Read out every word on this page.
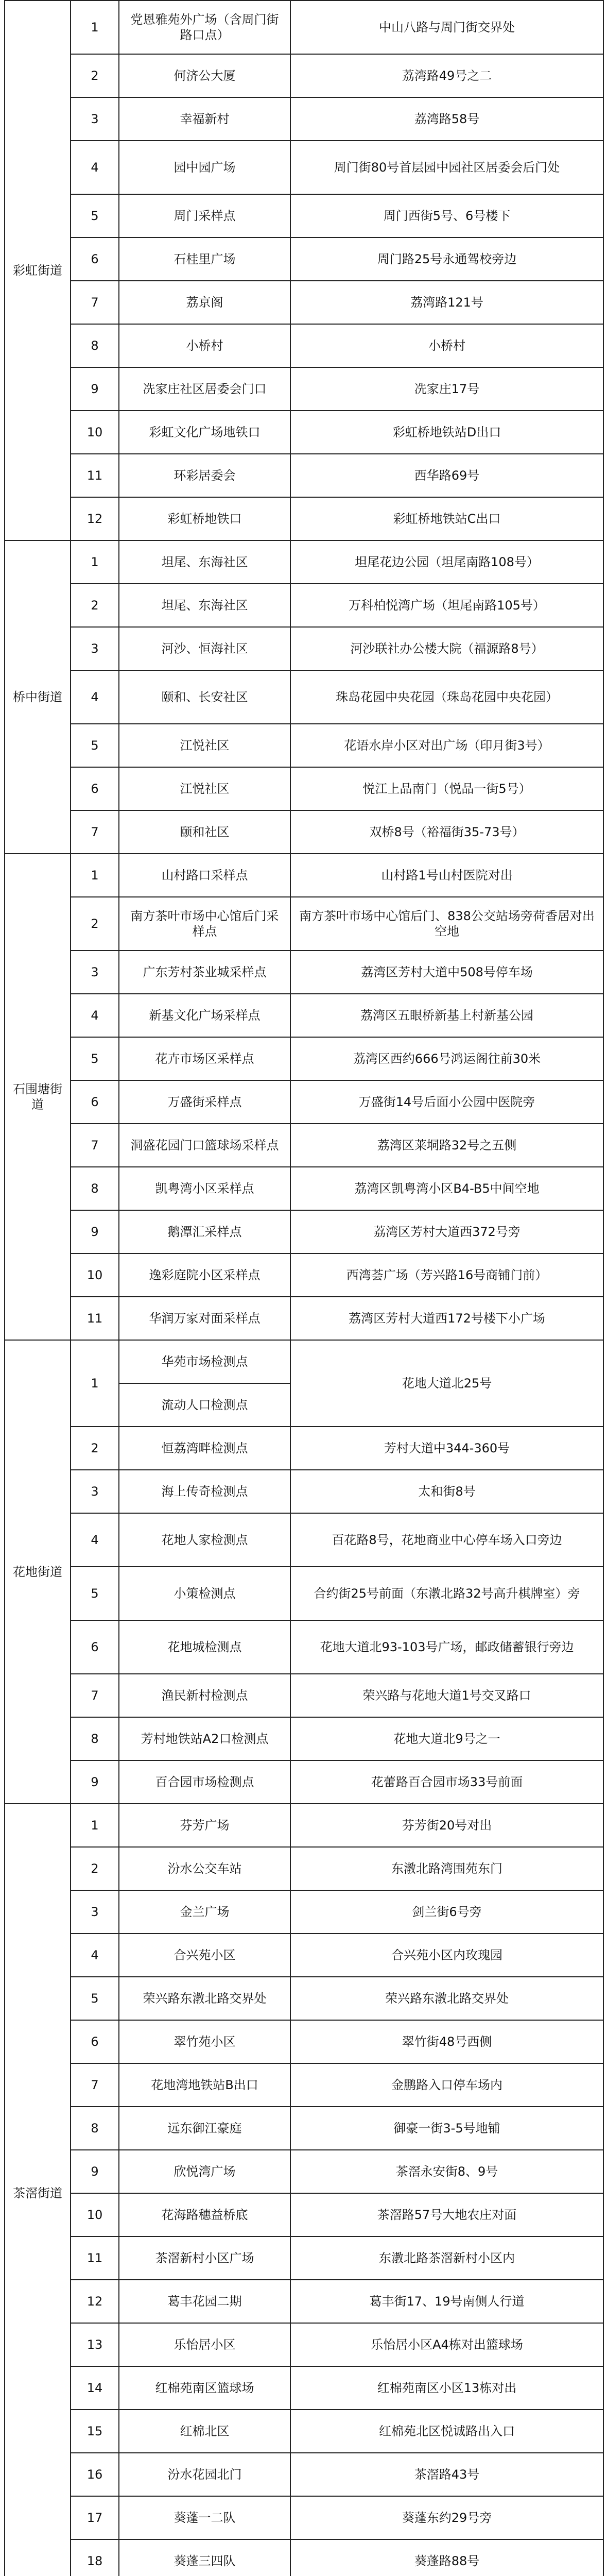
彩虹街道	1	党恩雅苑外广场（含周门街路口点）	中山八路与周门街交界处
	2	何济公大厦	荔湾路49号之二
	3	幸福新村	荔湾路58号
	4	园中园广场	周门街80号首层园中园社区居委会后门处
	5	周门采样点	周门西街5号、6号楼下
	6	石桂里广场	周门路25号永通驾校旁边
	7	荔京阁	荔湾路121号
	8	小桥村	小桥村
	9	冼家庄社区居委会门口	冼家庄17号
	10	彩虹文化广场地铁口	彩虹桥地铁站D出口
	11	环彩居委会	西华路69号
	12	彩虹桥地铁口	彩虹桥地铁站C出口
桥中街道	1	坦尾、东海社区	坦尾花边公园（坦尾南路108号）
	2	坦尾、东海社区	万科柏悦湾广场（坦尾南路105号）
	3	河沙、恒海社区	河沙联社办公楼大院（福源路8号）
	4	颐和、长安社区	珠岛花园中央花园（珠岛花园中央花园）
	5	江悦社区	花语水岸小区对出广场（印月街3号）
	6	江悦社区	悦江上品南门（悦品一街5号）
	7	颐和社区	双桥8号（裕福街35-73号）
石围塘街道	1	山村路口采样点	山村路1号山村医院对出
	2	南方茶叶市场中心馆后门采样点	南方茶叶市场中心馆后门、838公交站场旁荷香居对出空地
	3	广东芳村茶业城采样点	荔湾区芳村大道中508号停车场
	4	新基文化广场采样点	荔湾区五眼桥新基上村新基公园
	5	花卉市场区采样点	荔湾区西约666号鸿运阁往前30米
	6	万盛街采样点	万盛街14号后面小公园中医院旁
	7	洞盛花园门口篮球场采样点	荔湾区莱垌路32号之五侧
	8	凯粤湾小区采样点	荔湾区凯粤湾小区B4-B5中间空地
	9	鹅潭汇采样点	荔湾区芳村大道西372号旁
	10	逸彩庭院小区采样点	西湾荟广场（芳兴路16号商铺门前）
	11	华润万家对面采样点	荔湾区芳村大道西172号楼下小广场
花地街道	1	华苑市场检测点	花地大道北25号
		流动人口检测点	
	2	恒荔湾畔检测点	芳村大道中344-360号
	3	海上传奇检测点	太和街8号
	4	花地人家检测点	百花路8号，花地商业中心停车场入口旁边
	5	小策检测点	合约街25号前面（东漖北路32号高升棋牌室）旁
	6	花地城检测点	花地大道北93-103号广场，邮政储蓄银行旁边
	7	渔民新村检测点	荣兴路与花地大道1号交叉路口
	8	芳村地铁站A2口检测点	花地大道北9号之一
	9	百合园市场检测点	花蕾路百合园市场33号前面
茶滘街道	1	芬芳广场	芬芳街20号对出
	2	汾水公交车站	东漖北路湾围苑东门
	3	金兰广场	剑兰街6号旁
	4	合兴苑小区	合兴苑小区内玫瑰园
	5	荣兴路东漖北路交界处	荣兴路东漖北路交界处
	6	翠竹苑小区	翠竹街48号西侧
	7	花地湾地铁站B出口	金鹏路入口停车场内
	8	远东御江豪庭	御豪一街3-5号地铺
	9	欣悦湾广场	茶滘永安街8、9号
	10	花海路穗益桥底	茶滘路57号大地农庄对面
	11	茶滘新村小区广场	东漖北路茶滘新村小区内
	12	葛丰花园二期	葛丰街17、19号南侧人行道
	13	乐怡居小区	乐怡居小区A4栋对出篮球场
	14	红棉苑南区篮球场	红棉苑南区小区13栋对出
	15	红棉北区	红棉苑北区悦诚路出入口
	16	汾水花园北门	茶滘路43号
	17	葵蓬一二队	葵蓬东约29号旁
	18	葵蓬三四队	葵蓬路88号
